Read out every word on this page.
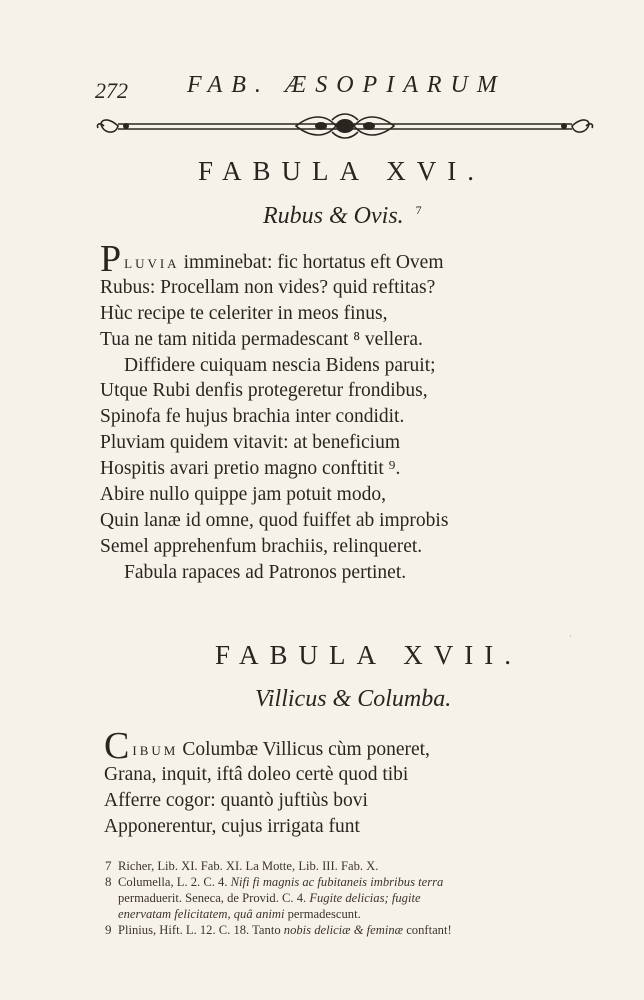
272 FAB. ÆSOPIARUM
FABULA XVI.
Rubus & Ovis. $^7$
PLUVIA imminebat: fic hortatus eft Ovem
Rubus: Procellam non vides? quid reftitas?
Hùc recipe te celeriter in meos finus,
Tua ne tam nitida permadescant ⁸ vellera.
Diffidere cuiquam nescia Bidens paruit;
Utque Rubi denfis protegeretur frondibus,
Spinofa fe hujus brachia inter condidit.
Pluviam quidem vitavit: at beneficium
Hospitis avari pretio magno conftitit ⁹.
Abire nullo quippe jam potuit modo,
Quin lanæ id omne, quod fuiffet ab improbis
Semel apprehenfum brachiis, relinqueret.
Fabula rapaces ad Patronos pertinet.
·
FABULA XVII.
Villicus & Columba.
CIBUM Columbæ Villicus cùm poneret,
Grana, inquit, iftâ doleo certè quod tibi
Afferre cogor: quantò juftiùs bovi
Apponerentur, cujus irrigata funt
7 Richer, Lib. XI. Fab. XI. La Motte, Lib. III. Fab. X.
8 Columella, L. 2. C. 4. Nifi fi magnis ac fubitaneis imbribus terra
permaduerit. Seneca, de Provid. C. 4. Fugite delicias; fugite
enervatam felicitatem, quâ animi permadescunt.
9 Plinius, Hift. L. 12. C. 18. Tanto nobis deliciæ & feminæ conftant!
